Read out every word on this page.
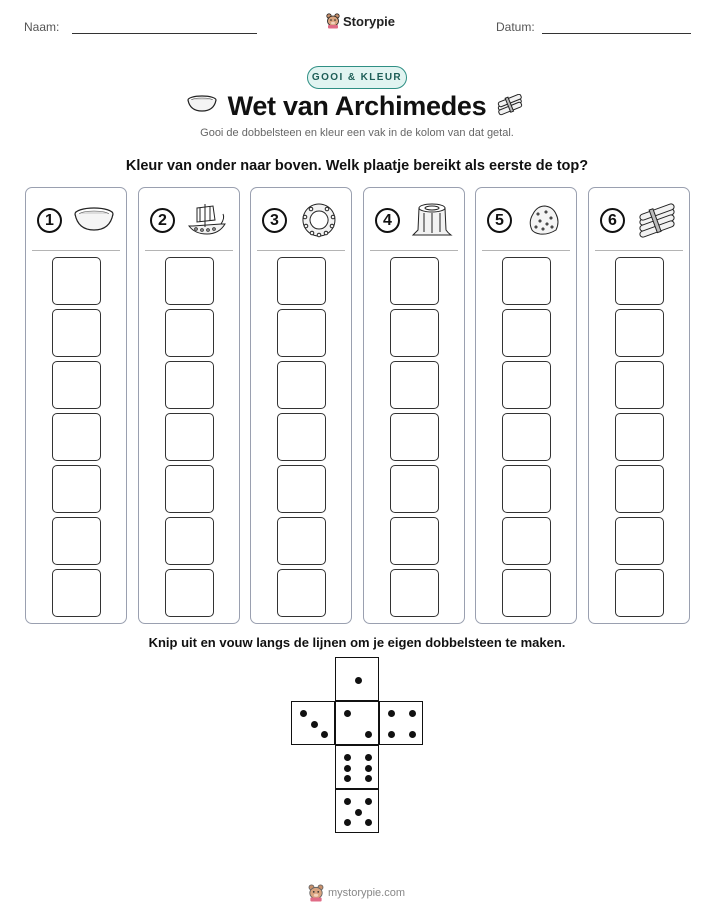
Naam:	Storypie	Datum:
GOOI & KLEUR
Wet van Archimedes
Gooi de dobbelsteen en kleur een vak in de kolom van dat getal.
Kleur van onder naar boven. Welk plaatje bereikt als eerste de top?
1	2	3	4	5	6
Knip uit en vouw langs de lijnen om je eigen dobbelsteen te maken.
mystorypie.com
